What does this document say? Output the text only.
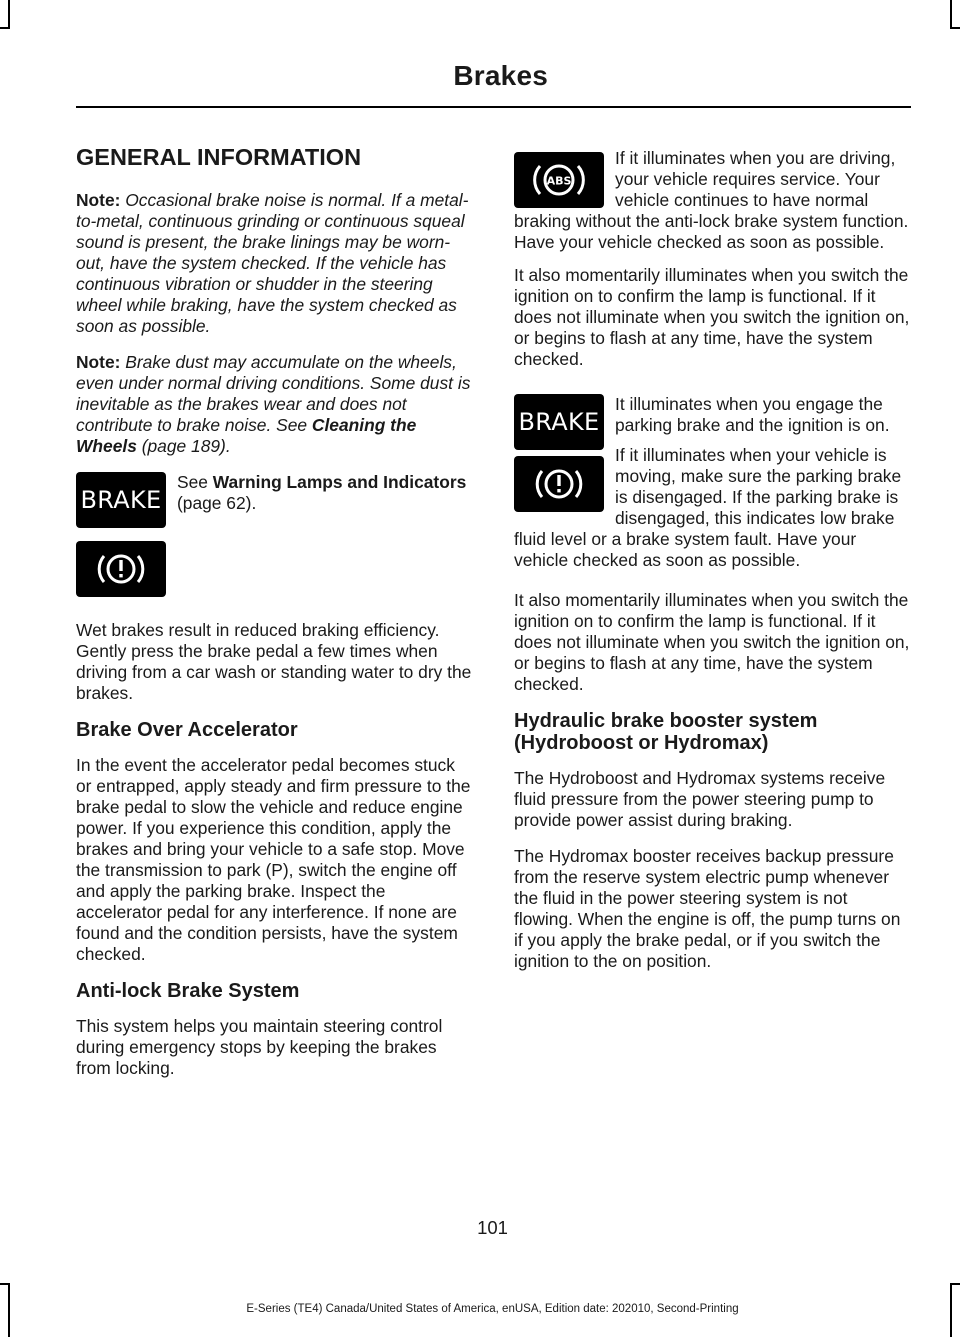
Brakes
GENERAL INFORMATION

Note: Occasional brake noise is normal. If a metal-to-metal, continuous grinding or continuous squeal sound is present, the brake linings may be worn-out, have the system checked. If the vehicle has continuous vibration or shudder in the steering wheel while braking, have the system checked as soon as possible.

Note: Brake dust may accumulate on the wheels, even under normal driving conditions. Some dust is inevitable as the brakes wear and does not contribute to brake noise. See Cleaning the Wheels (page 189).

BRAKE
See Warning Lamps and Indicators (page 62).

Wet brakes result in reduced braking efficiency. Gently press the brake pedal a few times when driving from a car wash or standing water to dry the brakes.

Brake Over Accelerator

In the event the accelerator pedal becomes stuck or entrapped, apply steady and firm pressure to the brake pedal to slow the vehicle and reduce engine power. If you experience this condition, apply the brakes and bring your vehicle to a safe stop. Move the transmission to park (P), switch the engine off and apply the parking brake. Inspect the accelerator pedal for any interference. If none are found and the condition persists, have the system checked.

Anti-lock Brake System

This system helps you maintain steering control during emergency stops by keeping the brakes from locking.

ABS

If it illuminates when you are driving, your vehicle requires service. Your vehicle continues to have normal braking without the anti-lock brake system function. Have your vehicle checked as soon as possible.

It also momentarily illuminates when you switch the ignition on to confirm the lamp is functional. If it does not illuminate when you switch the ignition on, or begins to flash at any time, have the system checked.

BRAKE

It illuminates when you engage the parking brake and the ignition is on.

If it illuminates when your vehicle is moving, make sure the parking brake is disengaged. If the parking brake is disengaged, this indicates low brake fluid level or a brake system fault. Have your vehicle checked as soon as possible.

It also momentarily illuminates when you switch the ignition on to confirm the lamp is functional. If it does not illuminate when you switch the ignition on, or begins to flash at any time, have the system checked.

Hydraulic brake booster system (Hydroboost or Hydromax)

The Hydroboost and Hydromax systems receive fluid pressure from the power steering pump to provide power assist during braking.

The Hydromax booster receives backup pressure from the reserve system electric pump whenever the fluid in the power steering system is not flowing. When the engine is off, the pump turns on if you apply the brake pedal, or if you switch the ignition to the on position.

101
E-Series (TE4) Canada/United States of America, enUSA, Edition date: 202010, Second-Printing
